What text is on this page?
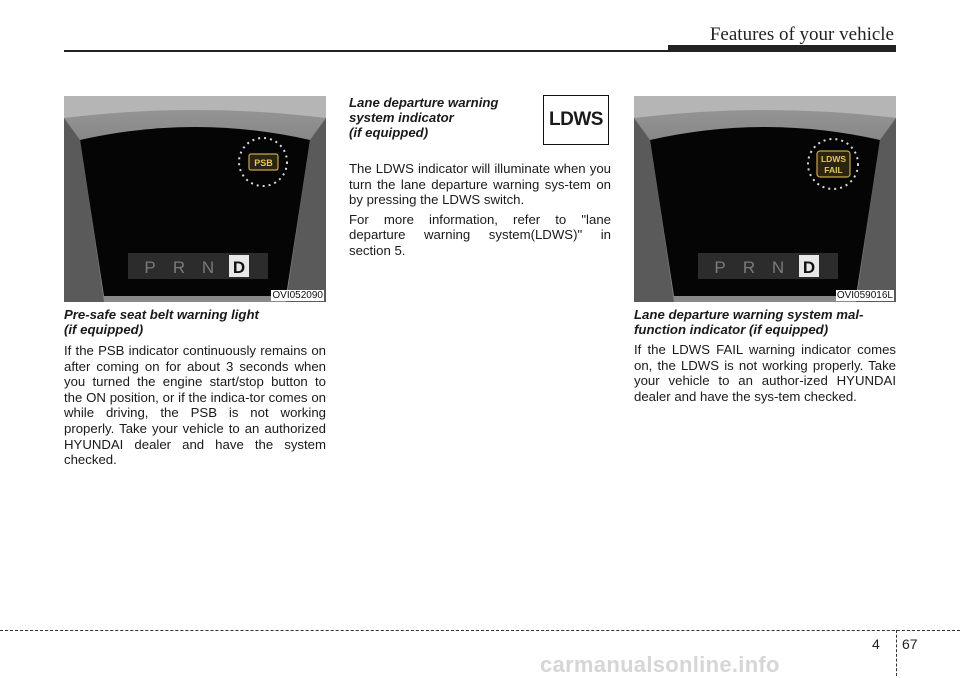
Features of your vehicle
PSB
P R N D
OVI052090
Pre-safe seat belt warning light
(if equipped)

If the PSB indicator continuously remains on after coming on for about 3 seconds when you turned the engine start/stop button to the ON position, or if the indica-tor comes on while driving, the PSB is not working properly. Take your vehicle to an authorized HYUNDAI dealer and have the system checked.

Lane departure warning
system indicator
(if equipped)
LDWS

The LDWS indicator will illuminate when you turn the lane departure warning sys-tem on by pressing the LDWS switch.

For more information, refer to "lane departure warning system(LDWS)" in section 5.

LDWS
FAIL
P R N D
OVI059016L
Lane departure warning system mal-
function indicator (if equipped)

If the LDWS FAIL warning indicator comes on, the LDWS is not working properly. Take your vehicle to an author-ized HYUNDAI dealer and have the sys-tem checked.

4 67
carmanualsonline.info
